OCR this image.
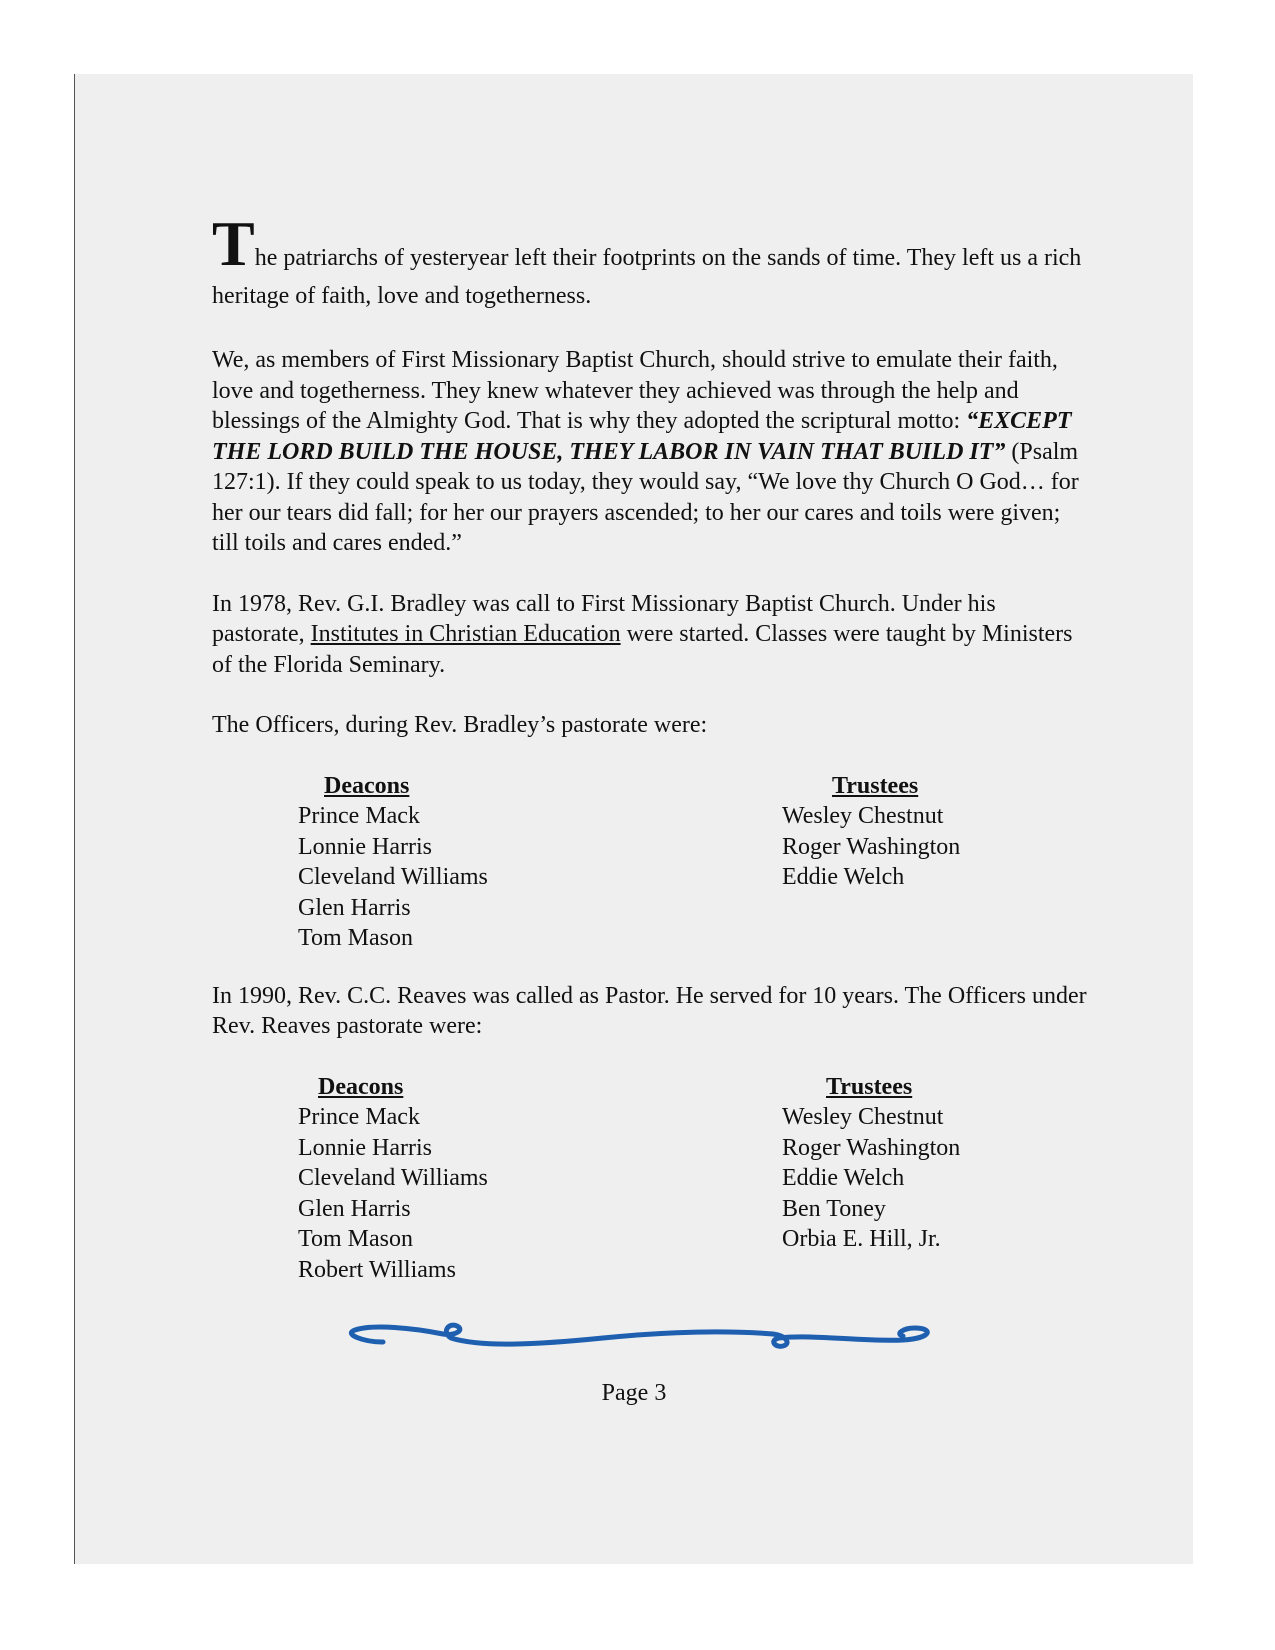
The patriarchs of yesteryear left their footprints on the sands of time. They left us a rich heritage of faith, love and togetherness.

We, as members of First Missionary Baptist Church, should strive to emulate their faith, love and togetherness. They knew whatever they achieved was through the help and blessings of the Almighty God. That is why they adopted the scriptural motto: “EXCEPT THE LORD BUILD THE HOUSE, THEY LABOR IN VAIN THAT BUILD IT” (Psalm 127:1). If they could speak to us today, they would say, “We love thy Church O God… for her our tears did fall; for her our prayers ascended; to her our cares and toils were given; till toils and cares ended.”

In 1978, Rev. G.I. Bradley was call to First Missionary Baptist Church. Under his pastorate, Institutes in Christian Education were started. Classes were taught by Ministers of the Florida Seminary.

The Officers, during Rev. Bradley’s pastorate were:

Deacons
Prince Mack
Lonnie Harris
Cleveland Williams
Glen Harris
Tom Mason
Trustees
Wesley Chestnut
Roger Washington
Eddie Welch

In 1990, Rev. C.C. Reaves was called as Pastor. He served for 10 years. The Officers under Rev. Reaves pastorate were:

Deacons
Prince Mack
Lonnie Harris
Cleveland Williams
Glen Harris
Tom Mason
Robert Williams
Trustees
Wesley Chestnut
Roger Washington
Eddie Welch
Ben Toney
Orbia E. Hill, Jr.
Page 3
